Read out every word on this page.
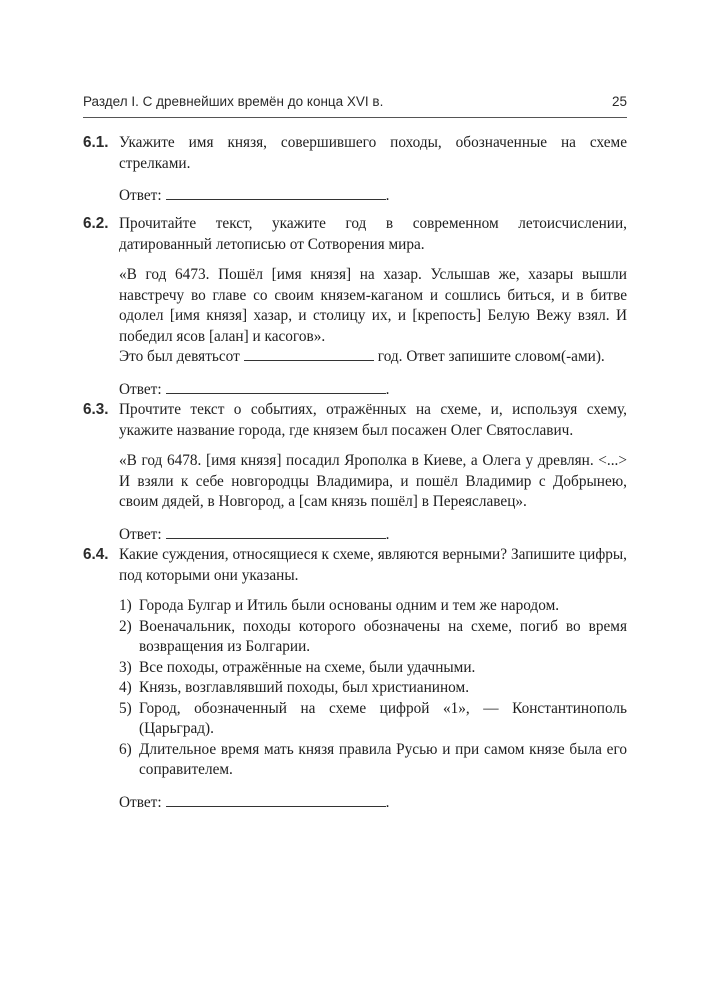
Раздел I. С древнейших времён до конца XVI в.	25
6.1. Укажите имя князя, совершившего походы, обозначенные на схеме стрелками.
Ответ:	.
6.2. Прочитайте текст, укажите год в современном летоисчислении, датированный летописью от Сотворения мира.
«В год 6473. Пошёл [имя князя] на хазар. Услышав же, хазары вышли навстречу во главе со своим князем-каганом и сошлись биться, и в битве одолел [имя князя] хазар, и столицу их, и [крепость] Белую Вежу взял. И победил ясов [алан] и касогов».
Это был девятьсот	год. Ответ запишите словом(-ами).
Ответ:	.
6.3. Прочтите текст о событиях, отражённых на схеме, и, используя схему, укажите название города, где князем был посажен Олег Святославич.
«В год 6478. [имя князя] посадил Ярополка в Киеве, а Олега у древлян. <...> И взяли к себе новгородцы Владимира, и пошёл Владимир с Добрынею, своим дядей, в Новгород, а [сам князь пошёл] в Переяславец».
Ответ:	.
6.4. Какие суждения, относящиеся к схеме, являются верными? Запишите цифры, под которыми они указаны.
1) Города Булгар и Итиль были основаны одним и тем же народом.
2) Военачальник, походы которого обозначены на схеме, погиб во время возвращения из Болгарии.
3) Все походы, отражённые на схеме, были удачными.
4) Князь, возглавлявший походы, был христианином.
5) Город, обозначенный на схеме цифрой «1», — Константинополь (Царьград).
6) Длительное время мать князя правила Русью и при самом князе была его соправителем.
Ответ:	.
